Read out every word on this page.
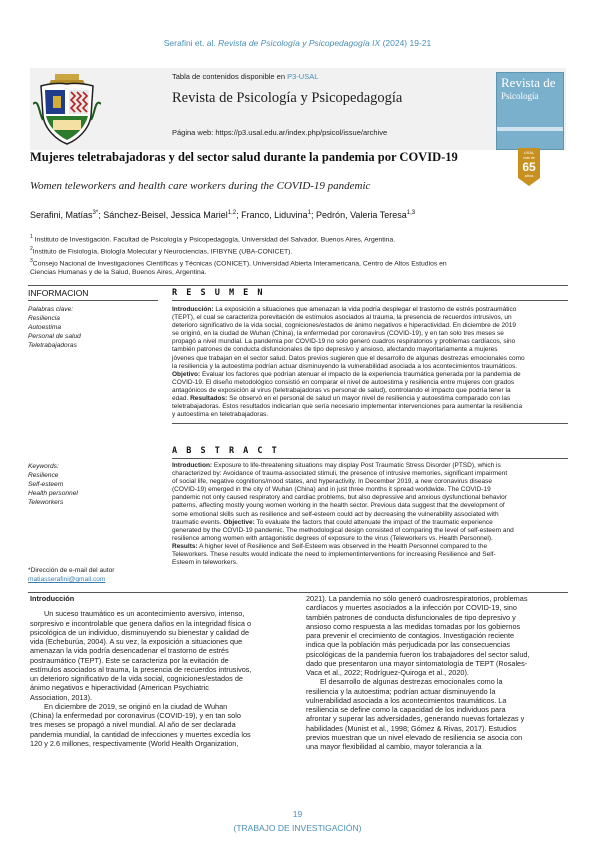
Serafini et. al. Revista de Psicología y Psicopedagogía IX (2024) 19-21
Tabla de contenidos disponible en P3-USAL
Revista de Psicología y Psicopedagogía
Página web: https://p3.usal.edu.ar/index.php/psicol/issue/archive
Revista de
Psicología
Mujeres teletrabajadoras y del sector salud durante la pandemia por COVID-19
Women teleworkers and health care workers during the COVID-19 pandemic
USAL
más de
65
años
Serafini, Matías$^{3*}$; Sánchez-Beisel, Jessica Mariel$^{1,2}$; Franco, Liduvina$^1$; Pedrón, Valeria Teresa$^{1,3}$
$^1$ Instituto de Investigación. Facultad de Psicología y Psicopedagogía, Universidad del Salvador, Buenos Aires, Argentina.
$^2$Instituto de Fisiología, Biología Molecular y Neurociencias, IFIBYNE (UBA-CONICET).
$^3$Consejo Nacional de Investigaciones Científicas y Técnicas (CONICET). Universidad Abierta Interamericana, Centro de Altos Estudios en
Ciencias Humanas y de la Salud, Buenos Aires, Argentina.
INFORMACION	R E S U M E N
Palabras clave:
Resiliencia
Autoestima
Personal de salud
Teletrabajadoras
Introducción: La exposición a situaciones que amenazan la vida podría desplegar el trastorno de estrés postraumático
(TEPT), el cual se caracteriza porevitación de estímulos asociados al trauma, la presencia de recuerdos intrusivos, un
deterioro significativo de la vida social, cogniciones/estados de ánimo negativos e hiperactividad. En diciembre de 2019
se originó, en la ciudad de Wuhan (China), la enfermedad por coronavirus (COVID-19), y en tan solo tres meses se
propagó a nivel mundial. La pandemia por COVID-19 no solo generó cuadros respiratorios y problemas cardíacos, sino
también patrones de conducta disfuncionales de tipo depresivo y ansioso, afectando mayoritariamente a mujeres
jóvenes que trabajan en el sector salud. Datos previos sugieren que el desarrollo de algunas destrezas emocionales como
la resiliencia y la autoestima podrían actuar disminuyendo la vulnerabilidad asociada a los acontecimientos traumáticos.
Objetivo: Evaluar los factores que podrían atenuar el impacto de la experiencia traumática generada por la pandemia de
COVID-19. El diseño metodológico consistió en comparar el nivel de autoestima y resiliencia entre mujeres con grados
antagónicos de exposición al virus (teletrabajadoras vs personal de salud), controlando el impacto que podría tener la
edad. Resultados: Se observó en el personal de salud un mayor nivel de resiliencia y autoestima comparado con las
teletrabajadoras. Estos resultados indicarían que sería necesario implementar intervenciones para aumentar la resiliencia
y autoestima en teletrabajadoras.
A B S T R A C T
Keywords:
Resilience
Self-esteem
Health personnel
Teleworkers
Introduction: Exposure to life-threatening situations may display Post Traumatic Stress Disorder (PTSD), which is
characterized by: Avoidance of trauma-associated stimuli, the presence of intrusive memories, significant impairment
of social life, negative cognitions/mood states, and hyperactivity. In December 2019, a new coronavirus disease
(COVID-19) emerged in the city of Wuhan (China) and in just three months it spread worldwide. The COVID-19
pandemic not only caused respiratory and cardiac problems, but also depressive and anxious dysfunctional behavior
patterns, affecting mostly young women working in the health sector. Previous data suggest that the development of
some emotional skills such as resilience and self-esteem could act by decreasing the vulnerability associated with
traumatic events. Objective: To evaluate the factors that could attenuate the impact of the traumatic experience
generated by the COVID-19 pandemic. The methodological design consisted of comparing the level of self-esteem and
resilience among women with antagonistic degrees of exposure to the virus (Teleworkers vs. Health Personnel).
Results: A higher level of Resilience and Self-Esteem was observed in the Health Personnel compared to the
Teleworkers. These results would indicate the need to implementinterventions for increasing Resilience and Self-
Esteem in teleworkers.
*Dirección de e-mail del autor
matiasserafini@gmail.com
Introducción
Un suceso traumático es un acontecimiento aversivo, intenso,
sorpresivo e incontrolable que genera daños en la integridad física o
psicológica de un individuo, disminuyendo su bienestar y calidad de
vida (Echeburúa, 2004). A su vez, la exposición a situaciones que
amenazan la vida podría desencadenar el trastorno de estrés
postraumático (TEPT). Este se caracteriza por la evitación de
estímulos asociados al trauma, la presencia de recuerdos intrusivos,
un deterioro significativo de la vida social, cogniciones/estados de
ánimo negativos e hiperactividad (American Psychiatric
Association, 2013).
En diciembre de 2019, se originó en la ciudad de Wuhan
(China) la enfermedad por coronavirus (COVID-19), y en tan solo
tres meses se propagó a nivel mundial. Al año de ser declarada
pandemia mundial, la cantidad de infecciones y muertes excedía los
120 y 2.6 millones, respectivamente (World Health Organization,
2021). La pandemia no sólo generó cuadrosrespiratorios, problemas
cardíacos y muertes asociados a la infección por COVID-19, sino
también patrones de conducta disfuncionales de tipo depresivo y
ansioso como respuesta a las medidas tomadas por los gobiernos
para prevenir el crecimiento de contagios. Investigación reciente
indica que la población más perjudicada por las consecuencias
psicológicas de la pandemia fueron los trabajadores del sector salud,
dado que presentaron una mayor sintomatología de TEPT (Rosales-
Vaca et al., 2022; Rodríguez-Quiroga et al., 2020).
El desarrollo de algunas destrezas emocionales como la
resiliencia y la autoestima; podrían actuar disminuyendo la
vulnerabilidad asociada a los acontecimientos traumáticos. La
resiliencia se define como la capacidad de los individuos para
afrontar y superar las adversidades, generando nuevas fortalezas y
habilidades (Munist et al., 1998; Gómez & Rivas, 2017). Estudios
previos muestran que un nivel elevado de resiliencia se asocia con
una mayor flexibilidad al cambio, mayor tolerancia a la
19
(TRABAJO DE INVESTIGACIÓN)
